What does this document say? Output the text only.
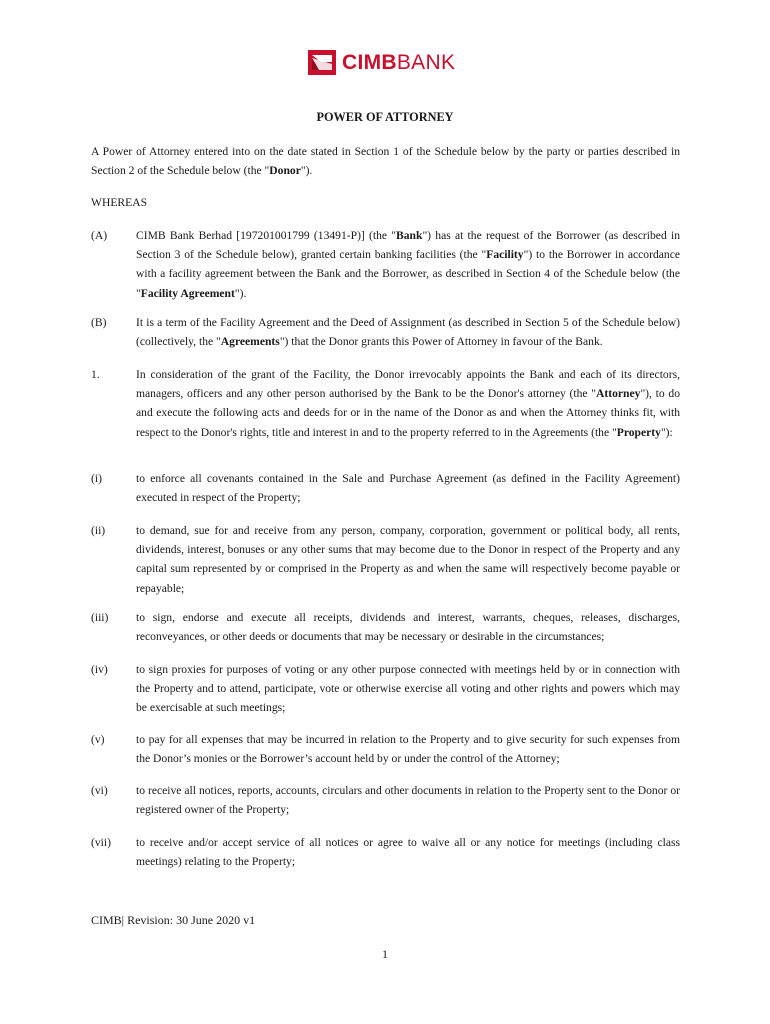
CIMBBANK
POWER OF ATTORNEY
A Power of Attorney entered into on the date stated in Section 1 of the Schedule below by the party or parties described in Section 2 of the Schedule below (the "Donor").
WHEREAS
(A) CIMB Bank Berhad [197201001799 (13491-P)] (the "Bank") has at the request of the Borrower (as described in Section 3 of the Schedule below), granted certain banking facilities (the "Facility") to the Borrower in accordance with a facility agreement between the Bank and the Borrower, as described in Section 4 of the Schedule below (the "Facility Agreement").
(B)	It is a term of the Facility Agreement and the Deed of Assignment (as described in Section 5 of the Schedule below) (collectively, the "Agreements") that the Donor grants this Power of Attorney in favour of the Bank.
1.	In consideration of the grant of the Facility, the Donor irrevocably appoints the Bank and each of its directors, managers, officers and any other person authorised by the Bank to be the Donor's attorney (the "Attorney"), to do and execute the following acts and deeds for or in the name of the Donor as and when the Attorney thinks fit, with respect to the Donor's rights, title and interest in and to the property referred to in the Agreements (the "Property"):
(i)	to enforce all covenants contained in the Sale and Purchase Agreement (as defined in the Facility Agreement) executed in respect of the Property;
(ii)	to demand, sue for and receive from any person, company, corporation, government or political body, all rents, dividends, interest, bonuses or any other sums that may become due to the Donor in respect of the Property and any capital sum represented by or comprised in the Property as and when the same will respectively become payable or repayable;
(iii) to sign, endorse and execute all receipts, dividends and interest, warrants, cheques, releases, discharges, reconveyances, or other deeds or documents that may be necessary or desirable in the circumstances;
(iv) to sign proxies for purposes of voting or any other purpose connected with meetings held by or in connection with the Property and to attend, participate, vote or otherwise exercise all voting and other rights and powers which may be exercisable at such meetings;
(v)	to pay for all expenses that may be incurred in relation to the Property and to give security for such expenses from the Donor’s monies or the Borrower’s account held by or under the control of the Attorney;
(vi) to receive all notices, reports, accounts, circulars and other documents in relation to the Property sent to the Donor or registered owner of the Property;
(vii) to receive and/or accept service of all notices or agree to waive all or any notice for meetings (including class meetings) relating to the Property;
CIMB| Revision: 30 June 2020 v1
1
